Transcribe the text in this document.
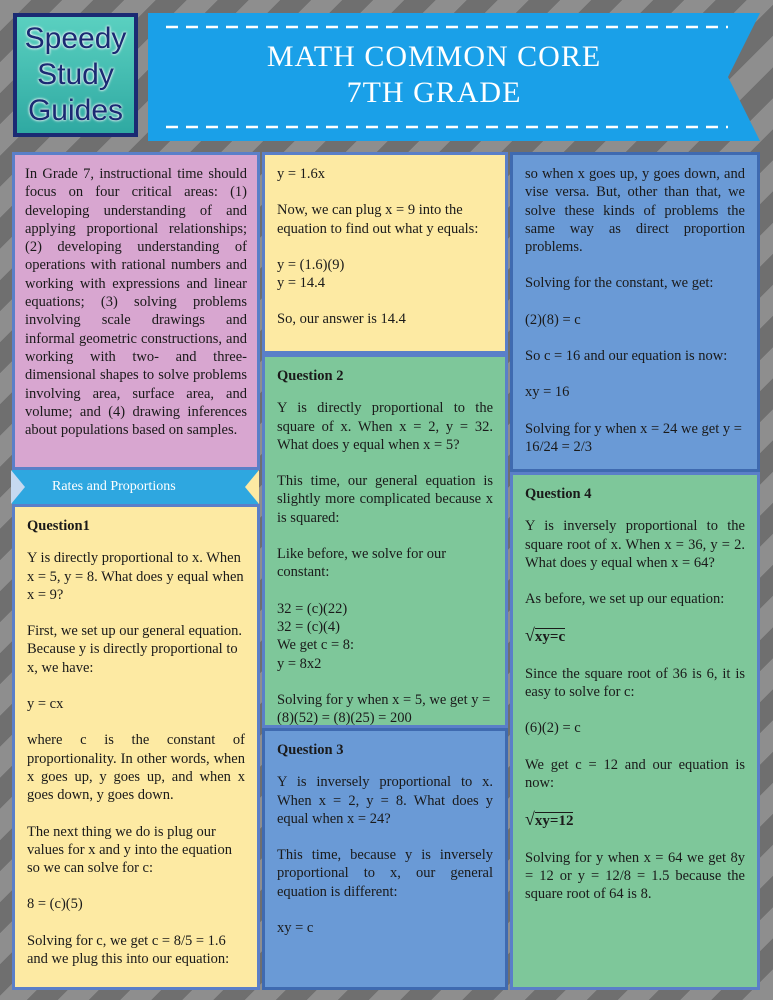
Speedy
Study
Guides
MATH COMMON CORE
7TH GRADE

In Grade 7, instructional time should focus on four critical areas: (1) developing understanding of and applying proportional relationships; (2) developing understanding of operations with rational numbers and working with expressions and linear equations; (3) solving problems involving scale drawings and informal geometric constructions, and working with two- and three-dimensional shapes to solve problems involving area, surface area, and volume; and (4) drawing inferences about populations based on samples.

Rates and Proportions
Question1

Y is directly proportional to x. When x = 5, y = 8. What does y equal when x = 9?

First, we set up our general equation. Because y is directly proportional to x, we have:

y = cx

where c is the constant of proportionality. In other words, when x goes up, y goes up, and when x goes down, y goes down.

The next thing we do is plug our values for x and y into the equation so we can solve for c:

8 = (c)(5)

Solving for c, we get c = 8/5 = 1.6 and we plug this into our equation:

y = 1.6x

Now, we can plug x = 9 into the equation to find out what y equals:

y = (1.6)(9)

y = 14.4

So, our answer is 14.4

Question 2

Y is directly proportional to the square of x. When x = 2, y = 32. What does y equal when x = 5?

This time, our general equation is slightly more complicated because x is squared:

Like before, we solve for our constant:

32 = (c)(22)

32 = (c)(4)

We get c = 8:

y = 8x2

Solving for y when x = 5, we get y = (8)(52) = (8)(25) = 200

Question 3

Y is inversely proportional to x. When x = 2, y = 8. What does y equal when x = 24?

This time, because y is inversely proportional to x, our general equation is different:

xy = c

so when x goes up, y goes down, and vise versa. But, other than that, we solve these kinds of problems the same way as direct proportion problems.

Solving for the constant, we get:

(2)(8) = c

So c = 16 and our equation is now:

xy = 16

Solving for y when x = 24 we get y = 16/24 = 2/3

Question 4

Y is inversely proportional to the square root of x. When x = 36, y = 2. What does y equal when x = 64?

As before, we set up our equation:

√xy=c

Since the square root of 36 is 6, it is easy to solve for c:

(6)(2) = c

We get c = 12 and our equation is now:

√xy=12

Solving for y when x = 64 we get 8y = 12 or y = 12/8 = 1.5 because the square root of 64 is 8.
